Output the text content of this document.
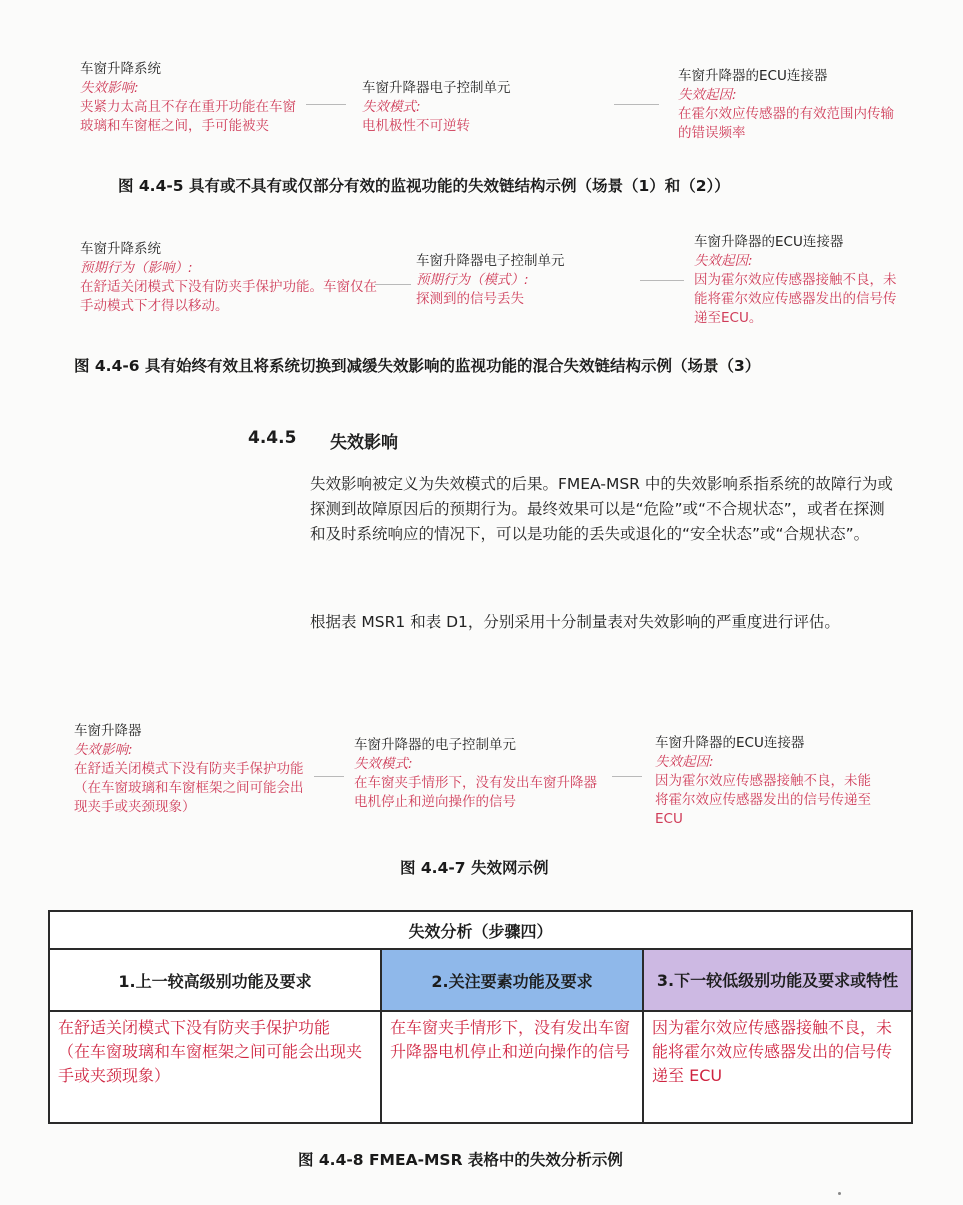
车窗升降系统
失效影响:
夹紧力太高且不存在重开功能在车窗玻璃和车窗框之间，手可能被夹
车窗升降器电子控制单元
失效模式:
电机极性不可逆转
车窗升降器的ECU连接器
失效起因:
在霍尔效应传感器的有效范围内传输的错误频率
图 4.4-5 具有或不具有或仅部分有效的监视功能的失效链结构示例（场景（1）和（2））
车窗升降系统
预期行为（影响）:
在舒适关闭模式下没有防夹手保护功能。车窗仅在手动模式下才得以移动。
车窗升降器电子控制单元
预期行为（模式）:
探测到的信号丢失
车窗升降器的ECU连接器
失效起因:
因为霍尔效应传感器接触不良，未能将霍尔效应传感器发出的信号传递至ECU。
图 4.4-6 具有始终有效且将系统切换到减缓失效影响的监视功能的混合失效链结构示例（场景（3）
4.4.5 失效影响
失效影响被定义为失效模式的后果。FMEA-MSR 中的失效影响系指系统的故障行为或探测到故障原因后的预期行为。最终效果可以是“危险”或“不合规状态”，或者在探测和及时系统响应的情况下，可以是功能的丢失或退化的“安全状态”或“合规状态”。
根据表 MSR1 和表 D1，分别采用十分制量表对失效影响的严重度进行评估。
车窗升降器
失效影响:
在舒适关闭模式下没有防夹手保护功能
（在车窗玻璃和车窗框架之间可能会出现夹手或夹颈现象）
车窗升降器的电子控制单元
失效模式:
在车窗夹手情形下，没有发出车窗升降器电机停止和逆向操作的信号
车窗升降器的ECU连接器
失效起因:
因为霍尔效应传感器接触不良，未能将霍尔效应传感器发出的信号传递至ECU
图 4.4-7 失效网示例
失效分析（步骤四）		
1.上一较高级别功能及要求	2.关注要素功能及要求	3.下一较低级别功能及要求或特性

在舒适关闭模式下没有防夹手保护功能
（在车窗玻璃和车窗框架之间可能会出现夹手或夹颈现象）	在车窗夹手情形下，没有发出车窗升降器电机停止和逆向操作的信号	因为霍尔效应传感器接触不良，未能将霍尔效应传感器发出的信号传递至 ECU
图 4.4-8 FMEA-MSR 表格中的失效分析示例
